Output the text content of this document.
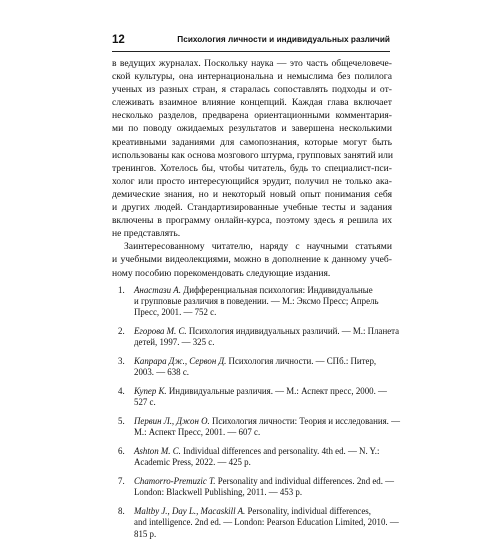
12	Психология личности и индивидуальных различий

в ведущих журналах. Поскольку наука — это часть общечеловече-
ской культуры, она интернациональна и немыслима без полилога
ученых из разных стран, я старалась сопоставлять подходы и от-
слеживать взаимное влияние концепций. Каждая глава включает
несколько разделов, предварена ориентационными комментария-
ми по поводу ожидаемых результатов и завершена несколькими
креативными заданиями для самопознания, которые могут быть
использованы как основа мозгового штурма, групповых занятий или
тренингов. Хотелось бы, чтобы читатель, будь то специалист-пси-
холог или просто интересующийся эрудит, получил не только ака-
демические знания, но и некоторый новый опыт понимания себя
и других людей. Стандартизированные учебные тесты и задания
включены в программу онлайн-курса, поэтому здесь я решила их
не представлять.

Заинтересованному читателю, наряду с научными статьями
и учебными видеолекциями, можно в дополнение к данному учеб-
ному пособию порекомендовать следующие издания.

1. Анастази А. Дифференциальная психология: Индивидуальные
и групповые различия в поведении. — М.: Эксмо Пресс; Апрель
Пресс, 2001. — 752 с.
2. Егорова М. С. Психология индивидуальных различий. — М.: Планета
детей, 1997. — 325 с.
3. Капрара Дж., Сервон Д. Психология личности. — СПб.: Питер,
2003. — 638 с.
4. Купер К. Индивидуальные различия. — М.: Аспект пресс, 2000. —
527 с.
5. Первин Л., Джон О. Психология личности: Теория и исследования. —
М.: Аспект Пресс, 2001. — 607 с.
6. Ashton M. C. Individual differences and personality. 4th ed. — N. Y.:
Academic Press, 2022. — 425 p.
7. Chamorro-Premuzic T. Personality and individual differences. 2nd ed. —
London: Blackwell Publishing, 2011. — 453 p.
8. Maltby J., Day L., Macaskill A. Personality, individual differences,
and intelligence. 2nd ed. — London: Pearson Education Limited, 2010. —
815 p.
